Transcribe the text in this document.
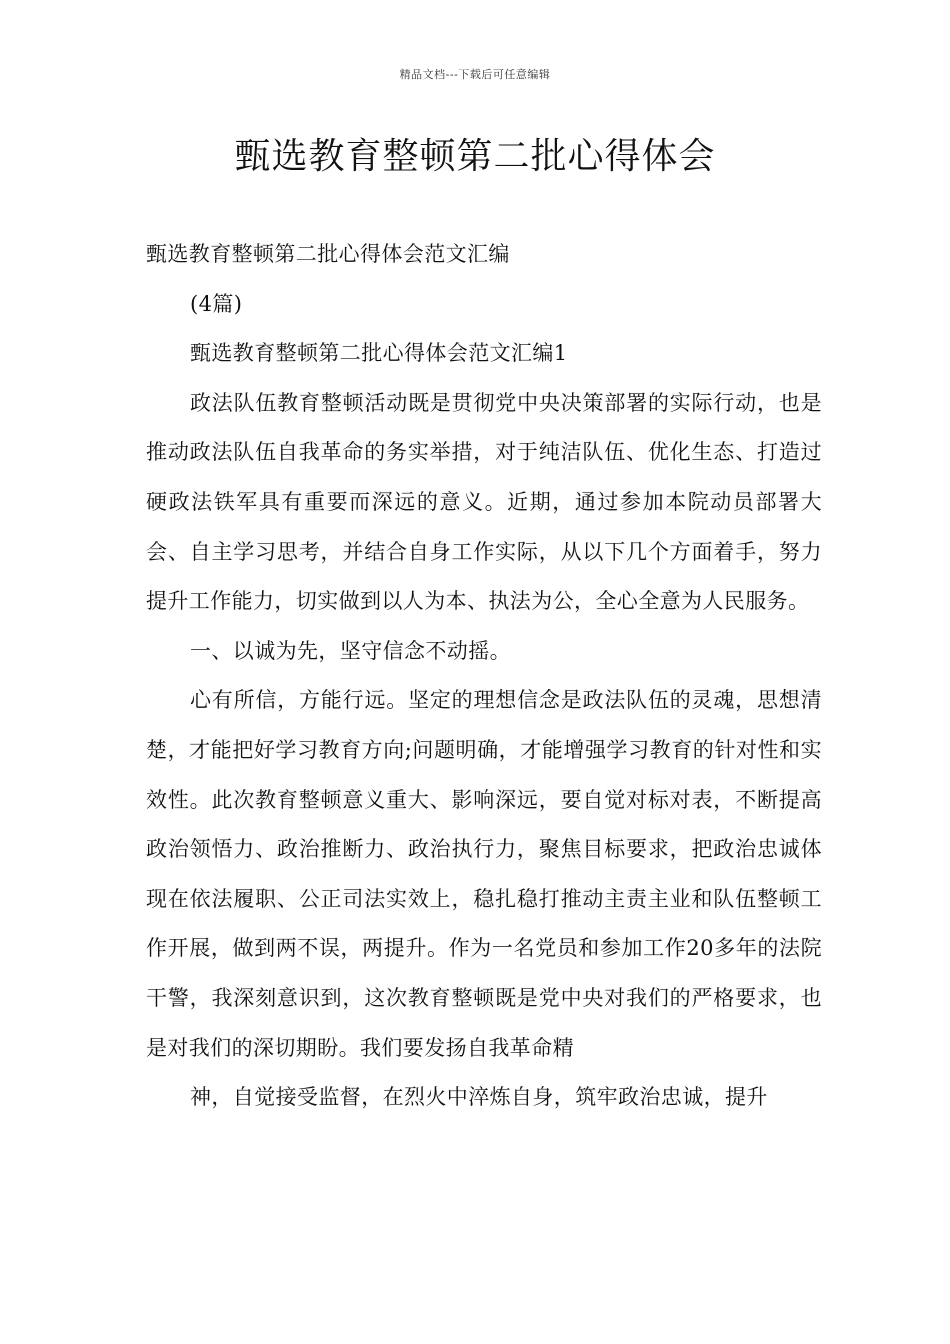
精品文档---下载后可任意编辑
甄选教育整顿第二批心得体会

甄选教育整顿第二批心得体会范文汇编

(4篇)

甄选教育整顿第二批心得体会范文汇编1

政法队伍教育整顿活动既是贯彻党中央决策部署的实际行动，也是推动政法队伍自我革命的务实举措，对于纯洁队伍、优化生态、打造过硬政法铁军具有重要而深远的意义。近期，通过参加本院动员部署大会、自主学习思考，并结合自身工作实际，从以下几个方面着手，努力提升工作能力，切实做到以人为本、执法为公，全心全意为人民服务。

一、以诚为先，坚守信念不动摇。

心有所信，方能行远。坚定的理想信念是政法队伍的灵魂，思想清楚，才能把好学习教育方向;问题明确，才能增强学习教育的针对性和实效性。此次教育整顿意义重大、影响深远，要自觉对标对表，不断提高政治领悟力、政治推断力、政治执行力，聚焦目标要求，把政治忠诚体现在依法履职、公正司法实效上，稳扎稳打推动主责主业和队伍整顿工作开展，做到两不误，两提升。作为一名党员和参加工作20多年的法院干警，我深刻意识到，这次教育整顿既是党中央对我们的严格要求，也是对我们的深切期盼。我们要发扬自我革命精

神，自觉接受监督，在烈火中淬炼自身，筑牢政治忠诚，提升
